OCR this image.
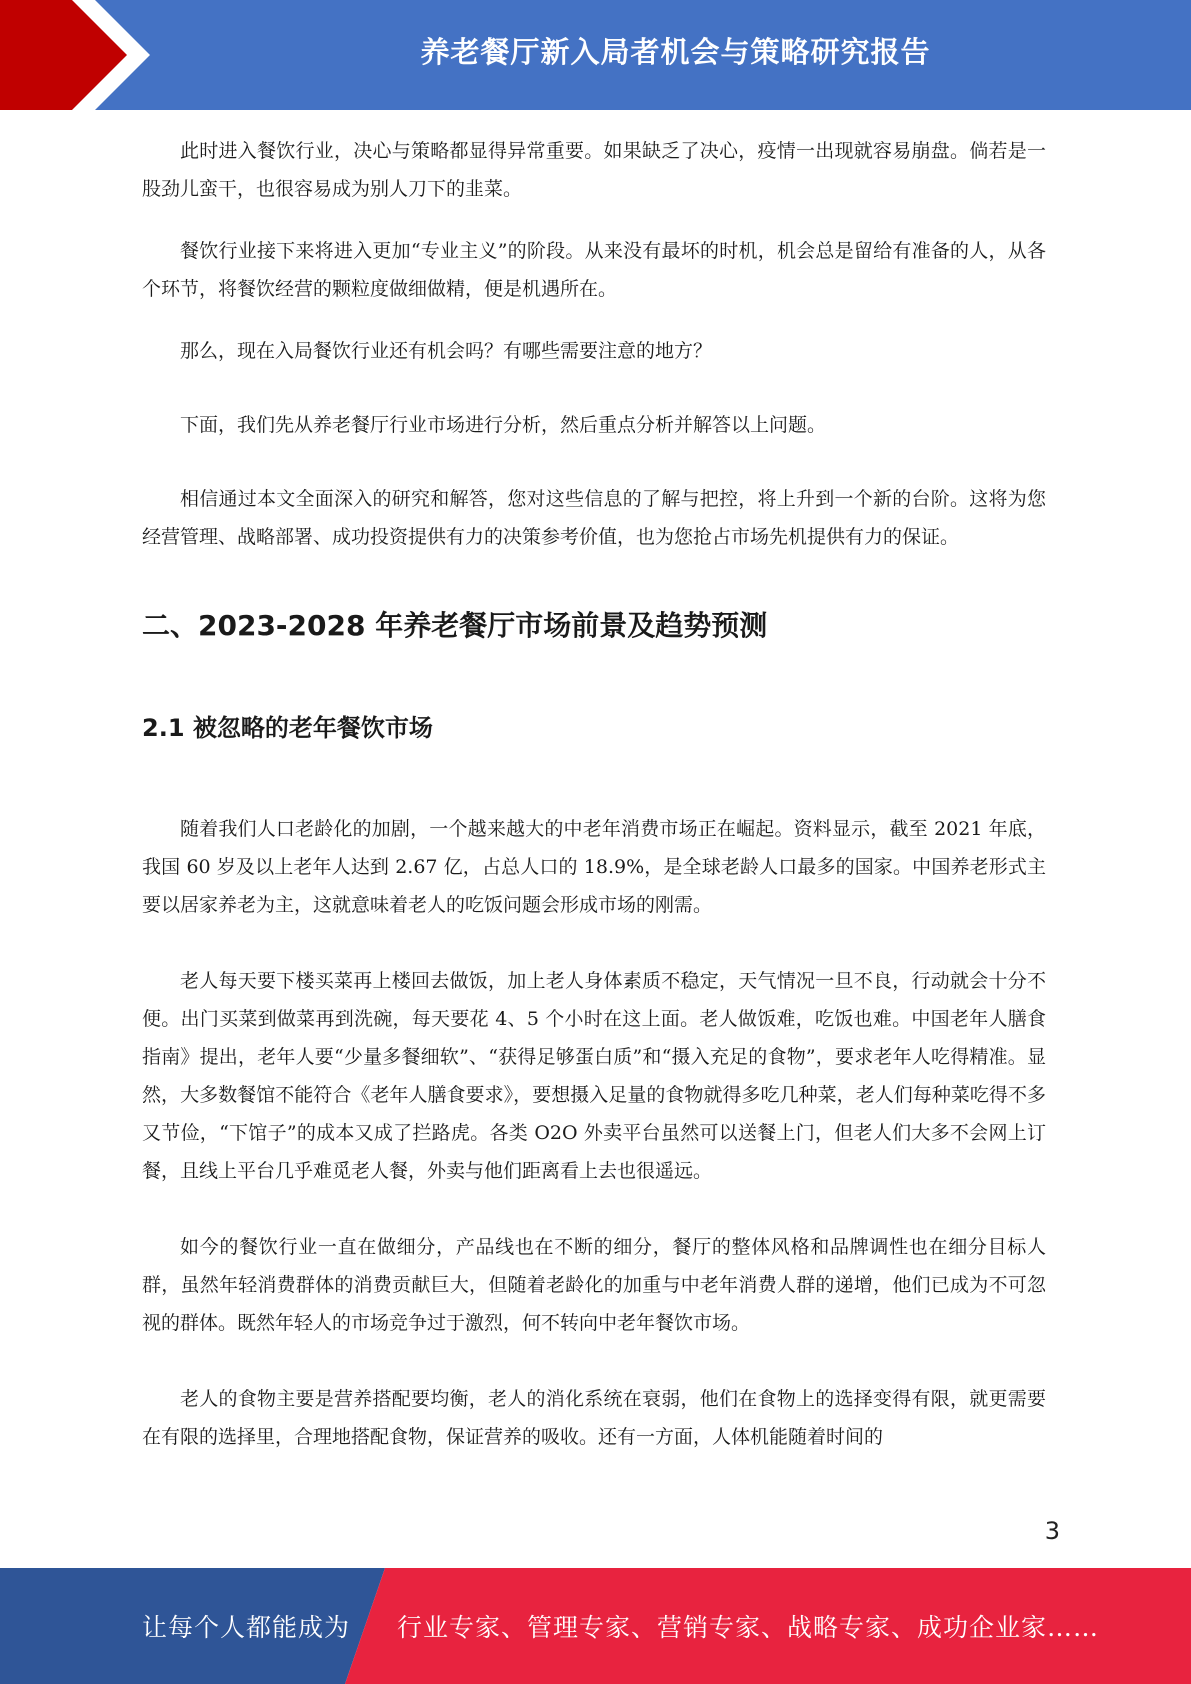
养老餐厅新入局者机会与策略研究报告

此时进入餐饮行业，决心与策略都显得异常重要。如果缺乏了决心，疫情一出现就容易崩盘。倘若是一股劲儿蛮干，也很容易成为别人刀下的韭菜。

餐饮行业接下来将进入更加“专业主义”的阶段。从来没有最坏的时机，机会总是留给有准备的人，从各个环节，将餐饮经营的颗粒度做细做精，便是机遇所在。

那么，现在入局餐饮行业还有机会吗？有哪些需要注意的地方？

下面，我们先从养老餐厅行业市场进行分析，然后重点分析并解答以上问题。

相信通过本文全面深入的研究和解答，您对这些信息的了解与把控，将上升到一个新的台阶。这将为您经营管理、战略部署、成功投资提供有力的决策参考价值，也为您抢占市场先机提供有力的保证。

二、2023-2028 年养老餐厅市场前景及趋势预测
2.1 被忽略的老年餐饮市场

随着我们人口老龄化的加剧，一个越来越大的中老年消费市场正在崛起。资料显示，截至 2021 年底，我国 60 岁及以上老年人达到 2.67 亿，占总人口的 18.9%，是全球老龄人口最多的国家。中国养老形式主要以居家养老为主，这就意味着老人的吃饭问题会形成市场的刚需。

老人每天要下楼买菜再上楼回去做饭，加上老人身体素质不稳定，天气情况一旦不良，行动就会十分不便。出门买菜到做菜再到洗碗，每天要花 4、5 个小时在这上面。老人做饭难，吃饭也难。中国老年人膳食指南》提出，老年人要“少量多餐细软”、“获得足够蛋白质”和“摄入充足的食物”，要求老年人吃得精准。显然，大多数餐馆不能符合《老年人膳食要求》，要想摄入足量的食物就得多吃几种菜，老人们每种菜吃得不多又节俭，“下馆子”的成本又成了拦路虎。各类 O2O 外卖平台虽然可以送餐上门，但老人们大多不会网上订餐，且线上平台几乎难觅老人餐，外卖与他们距离看上去也很遥远。

如今的餐饮行业一直在做细分，产品线也在不断的细分，餐厅的整体风格和品牌调性也在细分目标人群，虽然年轻消费群体的消费贡献巨大，但随着老龄化的加重与中老年消费人群的递增，他们已成为不可忽视的群体。既然年轻人的市场竞争过于激烈，何不转向中老年餐饮市场。

老人的食物主要是营养搭配要均衡，老人的消化系统在衰弱，他们在食物上的选择变得有限，就更需要在有限的选择里，合理地搭配食物，保证营养的吸收。还有一方面，人体机能随着时间的

3
让每个人都能成为 行业专家、管理专家、营销专家、战略专家、成功企业家……
